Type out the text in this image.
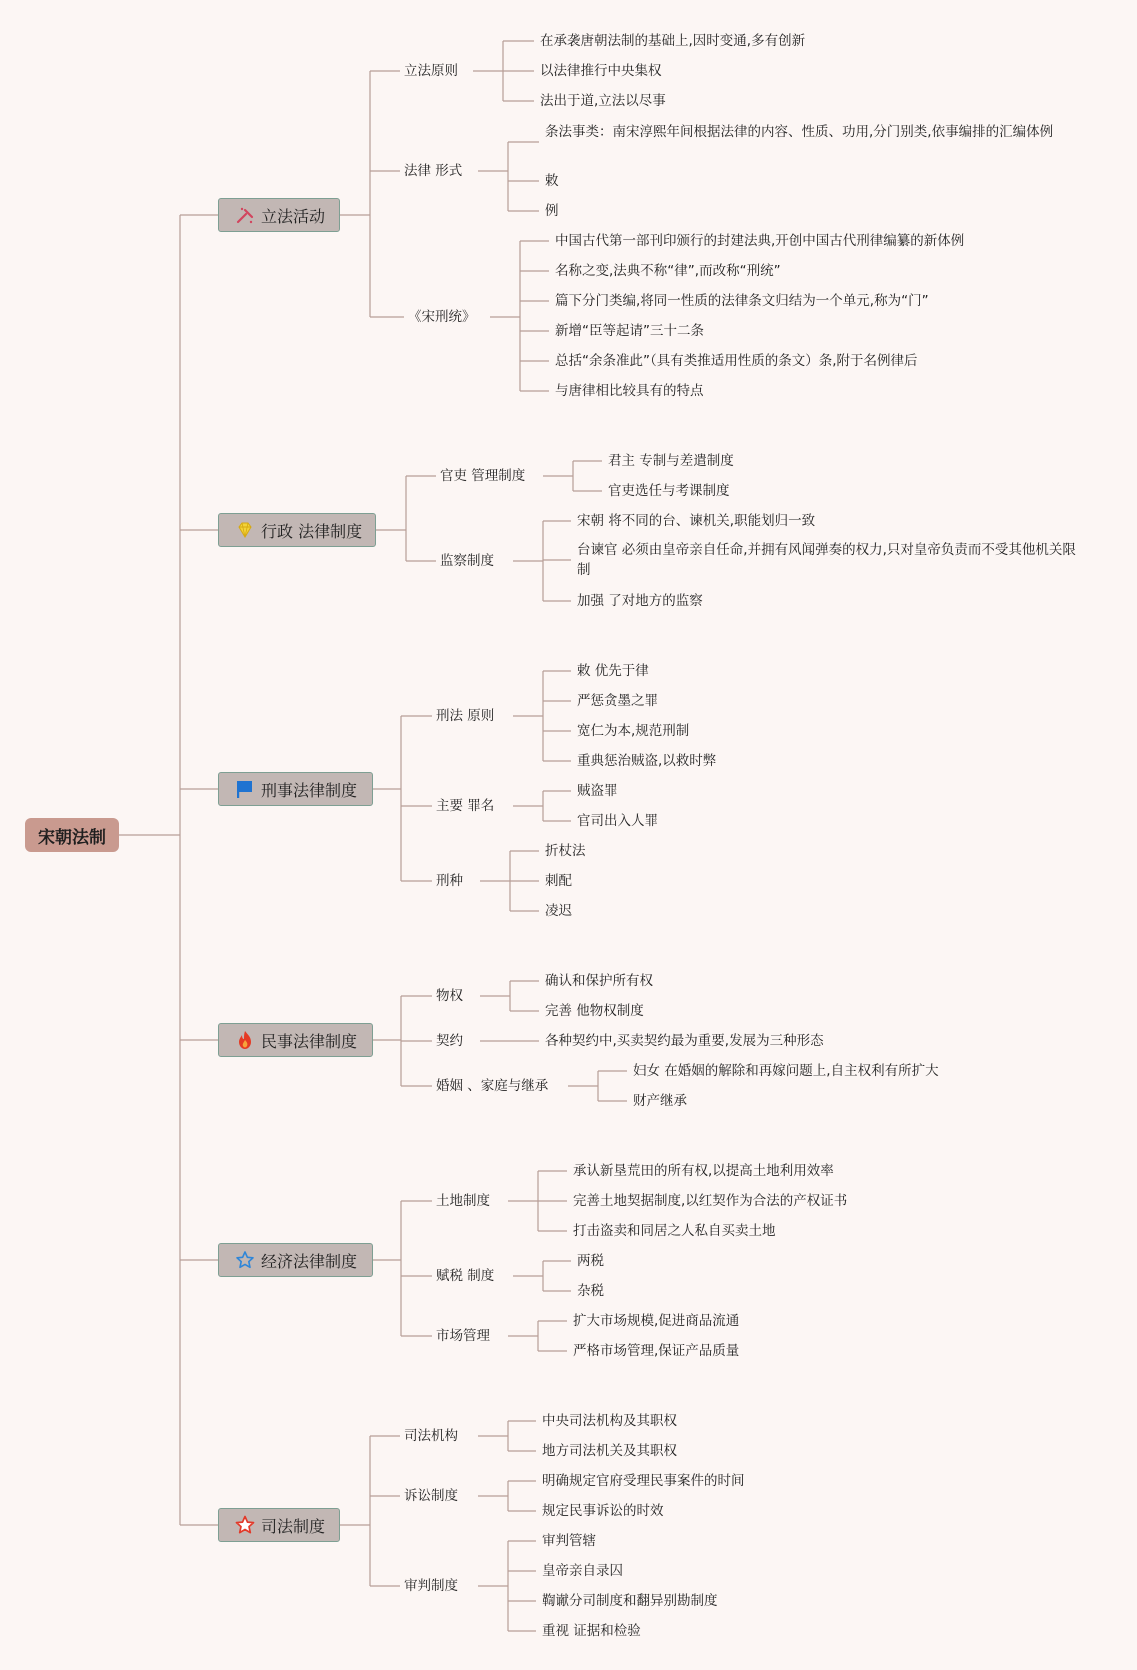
宋朝法制
立法活动
立法原则
在承袭唐朝法制的基础上,因时变通,多有创新
以法律推行中央集权
法出于道,立法以尽事
法律 形式
条法事类：南宋淳熙年间根据法律的内容、性质、功用,分门别类,依事编排的汇编体例
敕
例
《宋刑统》
中国古代第一部刊印颁行的封建法典,开创中国古代刑律编纂的新体例
名称之变,法典不称“律”,而改称“刑统”
篇下分门类编,将同一性质的法律条文归结为一个单元,称为“门”
新增“臣等起请”三十二条
总括“余条准此”（具有类推适用性质的条文）条,附于名例律后
与唐律相比较具有的特点
行政 法律制度
官吏 管理制度
君主 专制与差遣制度
官吏选任与考课制度
监察制度
宋朝 将不同的台、谏机关,职能划归一致
台谏官 必须由皇帝亲自任命,并拥有风闻弹奏的权力,只对皇帝负责而不受其他机关限制
加强 了对地方的监察
刑事法律制度
刑法 原则
敕 优先于律
严惩贪墨之罪
宽仁为本,规范刑制
重典惩治贼盗,以救时弊
主要 罪名
贼盗罪
官司出入人罪
刑种
折杖法
刺配
凌迟
民事法律制度
物权
确认和保护所有权
完善 他物权制度
契约	各种契约中,买卖契约最为重要,发展为三种形态
婚姻 、家庭与继承
妇女 在婚姻的解除和再嫁问题上,自主权利有所扩大
财产继承
经济法律制度
土地制度
承认新垦荒田的所有权,以提高土地利用效率
完善土地契据制度,以红契作为合法的产权证书
打击盗卖和同居之人私自买卖土地
赋税 制度
两税
杂税
市场管理
扩大市场规模,促进商品流通
严格市场管理,保证产品质量
司法制度
司法机构
中央司法机构及其职权
地方司法机关及其职权
诉讼制度
明确规定官府受理民事案件的时间
规定民事诉讼的时效
审判制度
审判管辖
皇帝亲自录囚
鞫谳分司制度和翻异别勘制度
重视 证据和检验
